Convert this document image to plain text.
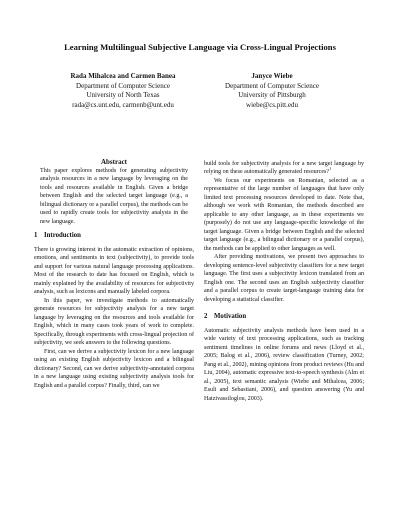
Learning Multilingual Subjective Language via Cross-Lingual Projections
Rada Mihalcea and Carmen Banea
Department of Computer Science
University of North Texas
rada@cs.unt.edu, carmenb@unt.edu
Janyce Wiebe
Department of Computer Science
University of Pittsburgh
wiebe@cs.pitt.edu

Abstract

This paper explores methods for generating subjectivity analysis resources in a new language by leveraging on the tools and resources available in English. Given a bridge between English and the selected target language (e.g., a bilingual dictionary or a parallel corpus), the methods can be used to rapidly create tools for subjectivity analysis in the new language.

1 Introduction

There is growing interest in the automatic extraction of opinions, emotions, and sentiments in text (subjectivity), to provide tools and support for various natural language processing applications. Most of the research to date has focused on English, which is mainly explained by the availability of resources for subjectivity analysis, such as lexicons and manually labeled corpora.

In this paper, we investigate methods to automatically generate resources for subjectivity analysis for a new target language by leveraging on the resources and tools available for English, which in many cases took years of work to complete. Specifically, through experiments with cross-lingual projection of subjectivity, we seek answers to the following questions.

First, can we derive a subjectivity lexicon for a new language using an existing English subjectivity lexicon and a bilingual dictionary? Second, can we derive subjectivity-annotated corpora in a new language using existing subjectivity analysis tools for English and a parallel corpus? Finally, third, can we

build tools for subjectivity analysis for a new target language by relying on these automatically generated resources?$^1$

We focus our experiments on Romanian, selected as a representative of the large number of languages that have only limited text processing resources developed to date. Note that, although we work with Romanian, the methods described are applicable to any other language, as in these experiments we (purposely) do not use any language-specific knowledge of the target language. Given a bridge between English and the selected target language (e.g., a bilingual dictionary or a parallel corpus), the methods can be applied to other languages as well.

After providing motivations, we present two approaches to developing sentence-level subjectivity classifiers for a new target language. The first uses a subjectivity lexicon translated from an English one. The second uses an English subjectivity classifier and a parallel corpus to create target-language training data for developing a statistical classifier.

2 Motivation

Automatic subjectivity analysis methods have been used in a wide variety of text processing applications, such as tracking sentiment timelines in online forums and news (Lloyd et al., 2005; Balog et al., 2006), review classification (Turney, 2002; Pang et al., 2002), mining opinions from product reviews (Hu and Liu, 2004), automatic expressive text-to-speech synthesis (Alm et al., 2005), text semantic analysis (Wiebe and Mihalcea, 2006; Esuli and Sebastiani, 2006), and question answering (Yu and Hatzivassiloglou, 2003).
